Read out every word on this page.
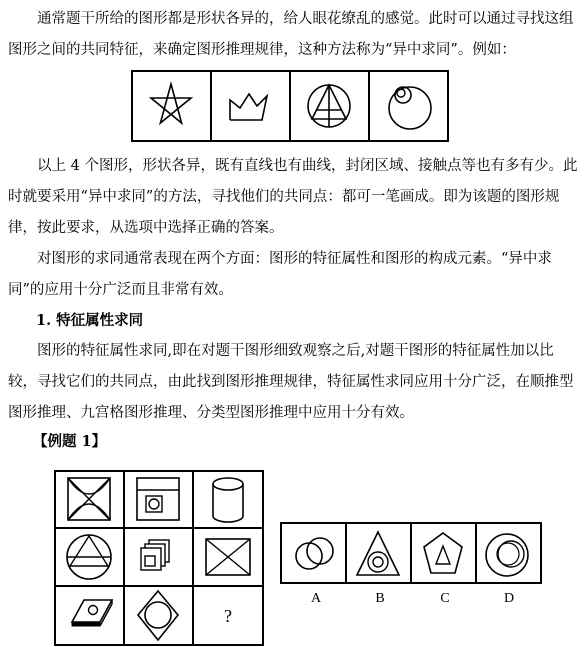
通常题干所给的图形都是形状各异的，给人眼花缭乱的感觉。此时可以通过寻找这组图形之间的共同特征，来确定图形推理规律，这种方法称为“异中求同”。例如：

以上 4 个图形，形状各异，既有直线也有曲线，封闭区域、接触点等也有多有少。此时就要采用“异中求同”的方法，寻找他们的共同点：都可一笔画成。即为该题的图形规律，按此要求，从选项中选择正确的答案。

对图形的求同通常表现在两个方面：图形的特征属性和图形的构成元素。“异中求同”的应用十分广泛而且非常有效。

1. 特征属性求同

图形的特征属性求同,即在对题干图形细致观察之后,对题干图形的特征属性加以比较，寻找它们的共同点，由此找到图形推理规律，特征属性求同应用十分广泛，在顺推型图形推理、九宫格图形推理、分类型图形推理中应用十分有效。

【例题 1】
?
A	B	C	D
